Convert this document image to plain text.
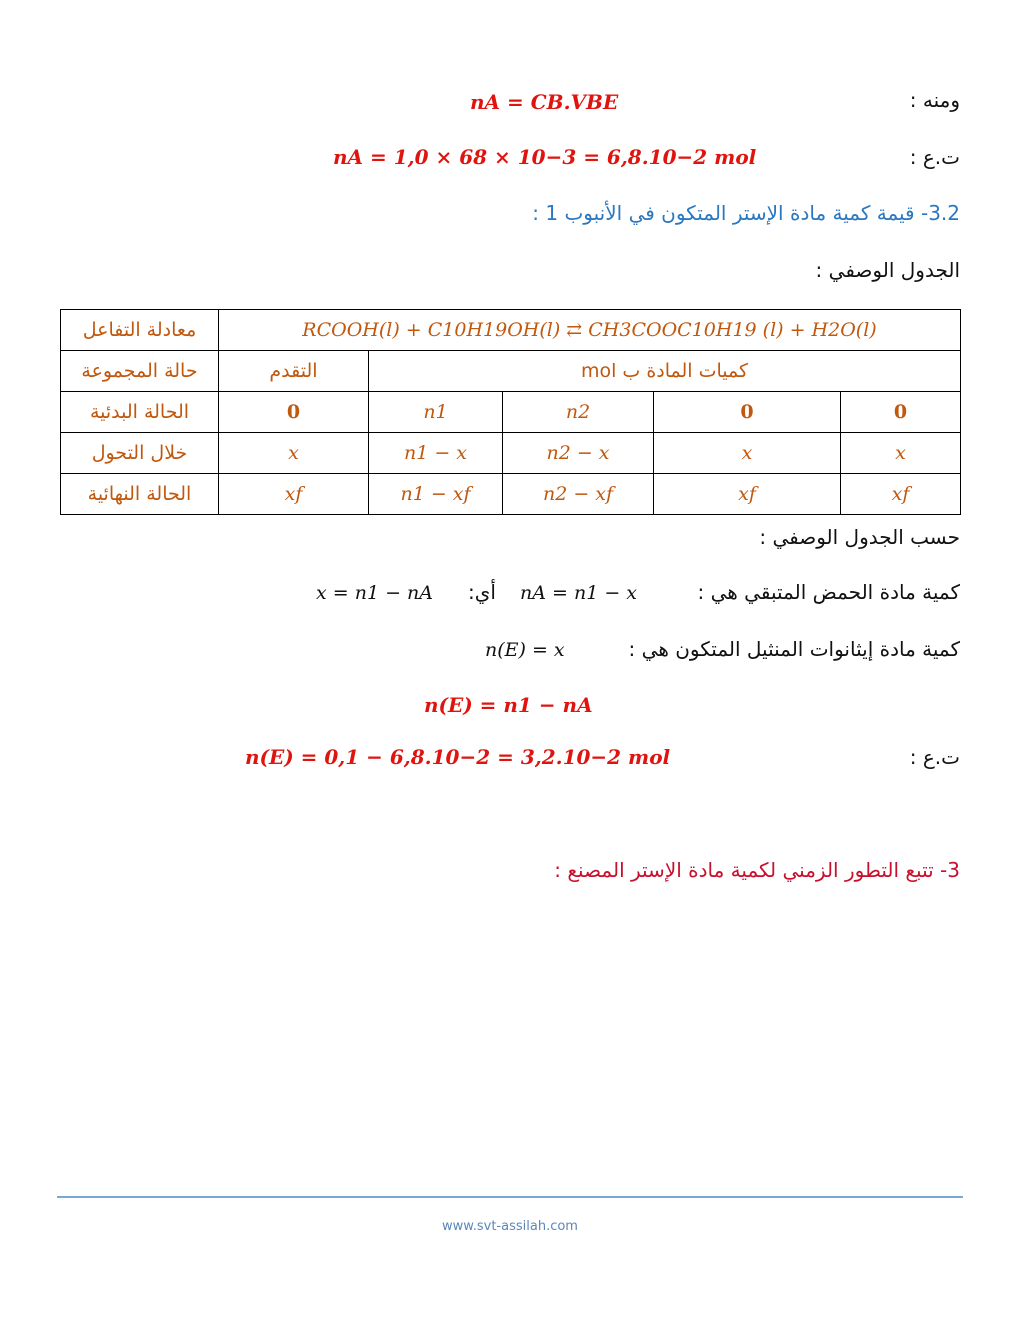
ومنه :
nA = CB.VBE
ت.ع :
nA = 1,0 × 68 × 10−3 = 6,8.10−2 mol
3.2- قيمة كمية مادة الإستر المتكون في الأنبوب 1 :
الجدول الوصفي :
معادلة التفاعل	RCOOH(l) + C10H19OH(l) ⇄ CH3COOC10H19 (l) + H2O(l)				
حالة المجموعة	التقدم	كميات المادة ب mol			
الحالة البدئية	0	n1	n2	0	0
خلال التحول	x	n1 − x	n2 − x	x	x
الحالة النهائية	xf	n1 − xf	n2 − xf	xf	xf
حسب الجدول الوصفي :
كمية مادة الحمض المتبقي هي :
nA = n1 − x
أي:
x = n1 − nA
كمية مادة إيثانوات المنثيل المتكون هي :
n(E) = x
n(E) = n1 − nA
ت.ع :
n(E) = 0,1 − 6,8.10−2 = 3,2.10−2 mol
3- تتبع التطور الزمني لكمية مادة الإستر المصنع :
www.svt-assilah.com
